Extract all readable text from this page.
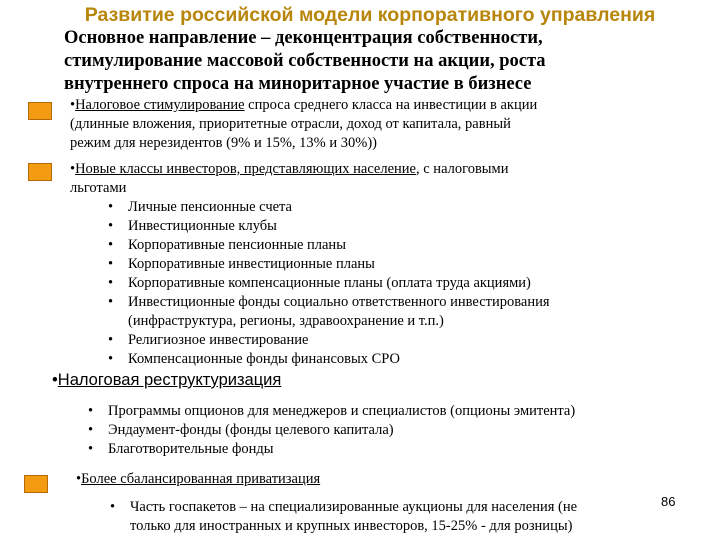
Развитие российской модели корпоративного управления
Основное направление – деконцентрация собственности,
стимулирование массовой собственности на акции, роста
внутреннего спроса на миноритарное участие в бизнесе
•Налоговое стимулирование спроса среднего класса на инвестиции в акции
(длинные вложения, приоритетные отрасли, доход от капитала, равный
режим для нерезидентов (9% и 15%, 13% и 30%))
•Новые классы инвесторов, представляющих население, с налоговыми
льготами
• Личные пенсионные счета
• Инвестиционные клубы
• Корпоративные пенсионные планы
• Корпоративные инвестиционные планы
• Корпоративные компенсационные планы (оплата труда акциями)
• Инвестиционные фонды социально ответственного инвестирования
(инфраструктура, регионы, здравоохранение и т.п.)
• Религиозное инвестирование
• Компенсационные фонды финансовых СРО
•Налоговая реструктуризация
• Программы опционов для менеджеров и специалистов (опционы эмитента)
• Эндаумент-фонды (фонды целевого капитала)
• Благотворительные фонды
•Более сбалансированная приватизация
• Часть госпакетов – на специализированные аукционы для населения (не
только для иностранных и крупных инвесторов, 15-25% - для розницы)
86
